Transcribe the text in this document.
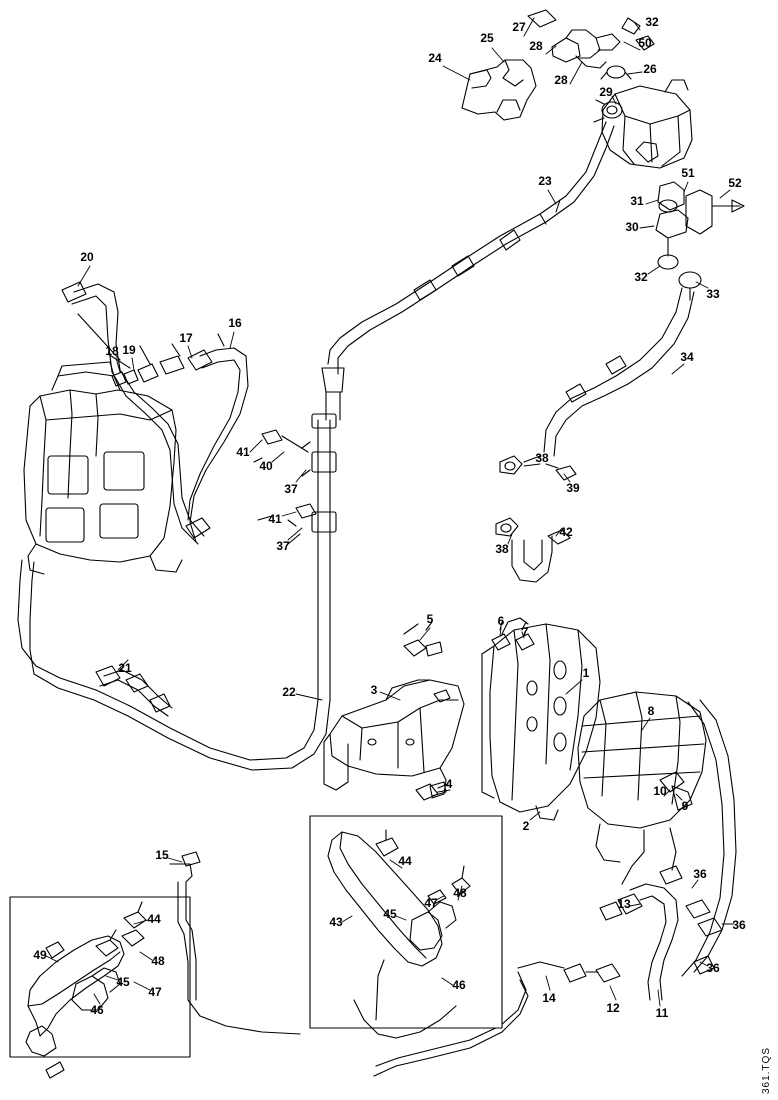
32
27
25	50
28
24
26
28
29
23
51
52
31
30
32
33
20
16
17
18 19	34
41
40
37
38
39
41
37	38
42
21
5	6
7
1
8
3
22
4	10
9
2
15	44
36
13
48
47
44	45
43	36
48
49
47
45	46
36
12	11
14
46
361.TQS
